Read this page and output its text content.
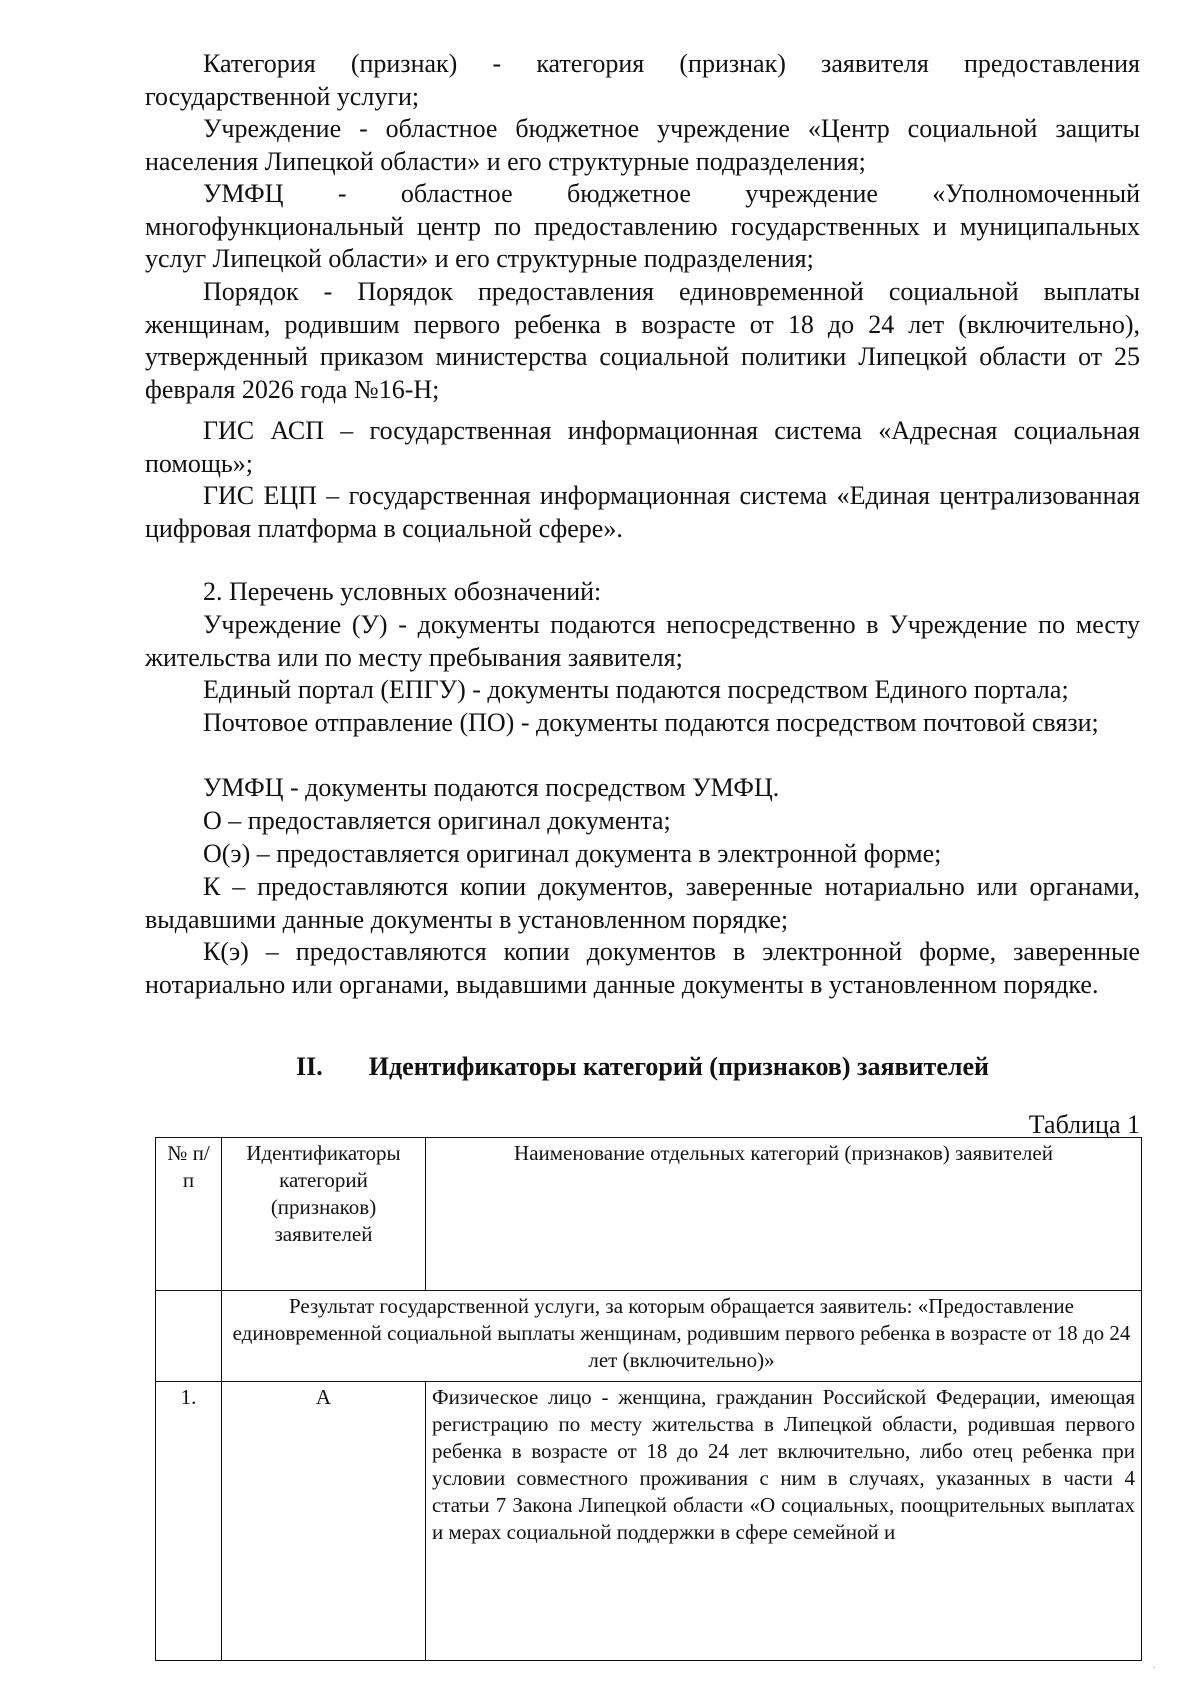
Категория (признак) - категория (признак) заявителя предоставления государственной услуги;

Учреждение - областное бюджетное учреждение «Центр социальной защиты населения Липецкой области» и его структурные подразделения;

УМФЦ - областное бюджетное учреждение «Уполномоченный многофункциональный центр по предоставлению государственных и муниципальных услуг Липецкой области» и его структурные подразделения;

Порядок - Порядок предоставления единовременной социальной выплаты женщинам, родившим первого ребенка в возрасте от 18 до 24 лет (включительно), утвержденный приказом министерства социальной политики Липецкой области от 25 февраля 2026 года №16-Н;

ГИС АСП – государственная информационная система «Адресная социальная помощь»;

ГИС ЕЦП – государственная информационная система «Единая централизованная цифровая платформа в социальной сфере».

2. Перечень условных обозначений:

Учреждение (У) - документы подаются непосредственно в Учреждение по месту жительства или по месту пребывания заявителя;

Единый портал (ЕПГУ) - документы подаются посредством Единого портала;

Почтовое отправление (ПО) - документы подаются посредством почтовой связи;

УМФЦ - документы подаются посредством УМФЦ.

О – предоставляется оригинал документа;

О(э) – предоставляется оригинал документа в электронной форме;

К – предоставляются копии документов, заверенные нотариально или органами, выдавшими данные документы в установленном порядке;

К(э) – предоставляются копии документов в электронной форме, заверенные нотариально или органами, выдавшими данные документы в установленном порядке.

II. Идентификаторы категорий (признаков) заявителей
Таблица 1
№ п/п	Идентификаторы категорий (признаков) заявителей	Наименование отдельных категорий (признаков) заявителей
	Результат государственной услуги, за которым обращается заявитель: «Предоставление единовременной социальной выплаты женщинам, родившим первого ребенка в возрасте от 18 до 24 лет (включительно)»	
1.	А	Физическое лицо - женщина, гражданин Российской Федерации, имеющая регистрацию по месту жительства в Липецкой области, родившая первого ребенка в возрасте от 18 до 24 лет включительно, либо отец ребенка при условии совместного проживания с ним в случаях, указанных в части 4 статьи 7 Закона Липецкой области «О социальных, поощрительных выплатах и мерах социальной поддержки в сфере семейной и
·
